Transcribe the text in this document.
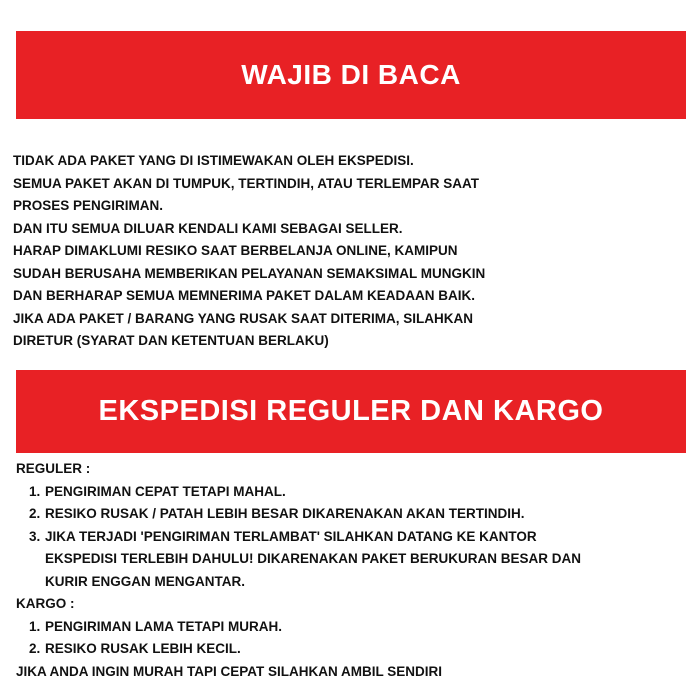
WAJIB DI BACA

TIDAK ADA PAKET YANG DI ISTIMEWAKAN OLEH EKSPEDISI.

SEMUA PAKET AKAN DI TUMPUK, TERTINDIH, ATAU TERLEMPAR SAAT

PROSES PENGIRIMAN.

DAN ITU SEMUA DILUAR KENDALI KAMI SEBAGAI SELLER.

HARAP DIMAKLUMI RESIKO SAAT BERBELANJA ONLINE, KAMIPUN

SUDAH BERUSAHA MEMBERIKAN PELAYANAN SEMAKSIMAL MUNGKIN

DAN BERHARAP SEMUA MEMNERIMA PAKET DALAM KEADAAN BAIK.

JIKA ADA PAKET / BARANG YANG RUSAK SAAT DITERIMA, SILAHKAN

DIRETUR (SYARAT DAN KETENTUAN BERLAKU)

EKSPEDISI REGULER DAN KARGO

REGULER :

1. PENGIRIMAN CEPAT TETAPI MAHAL.
2. RESIKO RUSAK / PATAH LEBIH BESAR DIKARENAKAN AKAN TERTINDIH.
3. JIKA TERJADI 'PENGIRIMAN TERLAMBAT' SILAHKAN DATANG KE KANTOR
EKSPEDISI TERLEBIH DAHULU! DIKARENAKAN PAKET BERUKURAN BESAR DAN
KURIR ENGGAN MENGANTAR.

KARGO :

1. PENGIRIMAN LAMA TETAPI MURAH.
2. RESIKO RUSAK LEBIH KECIL.

JIKA ANDA INGIN MURAH TAPI CEPAT SILAHKAN AMBIL SENDIRI
